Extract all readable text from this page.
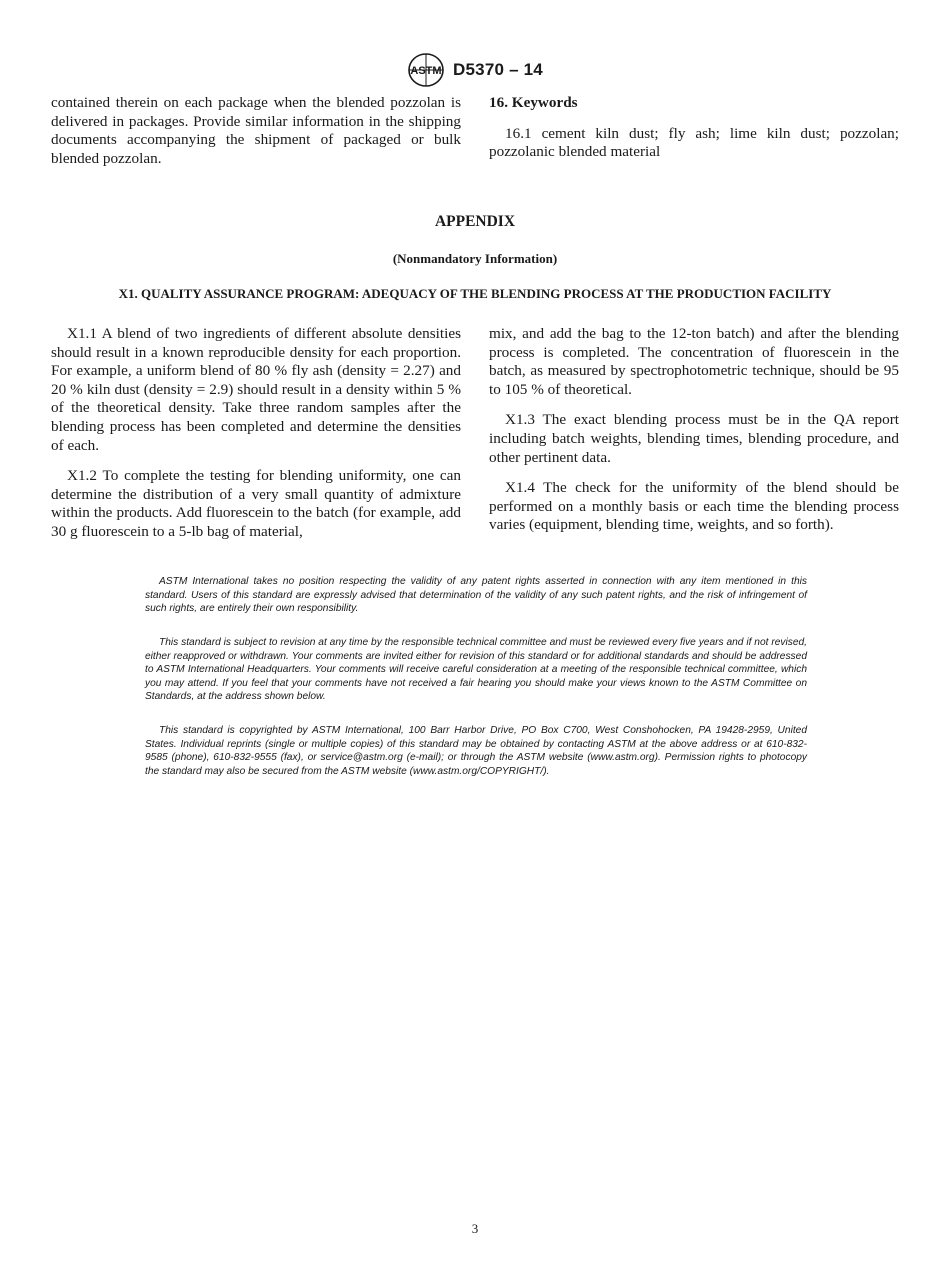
ASTM D5370 – 14

contained therein on each package when the blended pozzolan is delivered in packages. Provide similar information in the shipping documents accompanying the shipment of packaged or bulk blended pozzolan.

16. Keywords

16.1 cement kiln dust; fly ash; lime kiln dust; pozzolan; pozzolanic blended material

APPENDIX
(Nonmandatory Information)
X1. QUALITY ASSURANCE PROGRAM: ADEQUACY OF THE BLENDING PROCESS AT THE PRODUCTION FACILITY

X1.1 A blend of two ingredients of different absolute densities should result in a known reproducible density for each proportion. For example, a uniform blend of 80 % fly ash (density = 2.27) and 20 % kiln dust (density = 2.9) should result in a density within 5 % of the theoretical density. Take three random samples after the blending process has been completed and determine the densities of each.

X1.2 To complete the testing for blending uniformity, one can determine the distribution of a very small quantity of admixture within the products. Add fluorescein to the batch (for example, add 30 g fluorescein to a 5-lb bag of material,

mix, and add the bag to the 12-ton batch) and after the blending process is completed. The concentration of fluorescein in the batch, as measured by spectrophotometric technique, should be 95 to 105 % of theoretical.

X1.3 The exact blending process must be in the QA report including batch weights, blending times, blending procedure, and other pertinent data.

X1.4 The check for the uniformity of the blend should be performed on a monthly basis or each time the blending process varies (equipment, blending time, weights, and so forth).

ASTM International takes no position respecting the validity of any patent rights asserted in connection with any item mentioned in this standard. Users of this standard are expressly advised that determination of the validity of any such patent rights, and the risk of infringement of such rights, are entirely their own responsibility.

This standard is subject to revision at any time by the responsible technical committee and must be reviewed every five years and if not revised, either reapproved or withdrawn. Your comments are invited either for revision of this standard or for additional standards and should be addressed to ASTM International Headquarters. Your comments will receive careful consideration at a meeting of the responsible technical committee, which you may attend. If you feel that your comments have not received a fair hearing you should make your views known to the ASTM Committee on Standards, at the address shown below.

This standard is copyrighted by ASTM International, 100 Barr Harbor Drive, PO Box C700, West Conshohocken, PA 19428-2959, United States. Individual reprints (single or multiple copies) of this standard may be obtained by contacting ASTM at the above address or at 610-832-9585 (phone), 610-832-9555 (fax), or service@astm.org (e-mail); or through the ASTM website (www.astm.org). Permission rights to photocopy the standard may also be secured from the ASTM website (www.astm.org/COPYRIGHT/).

3
